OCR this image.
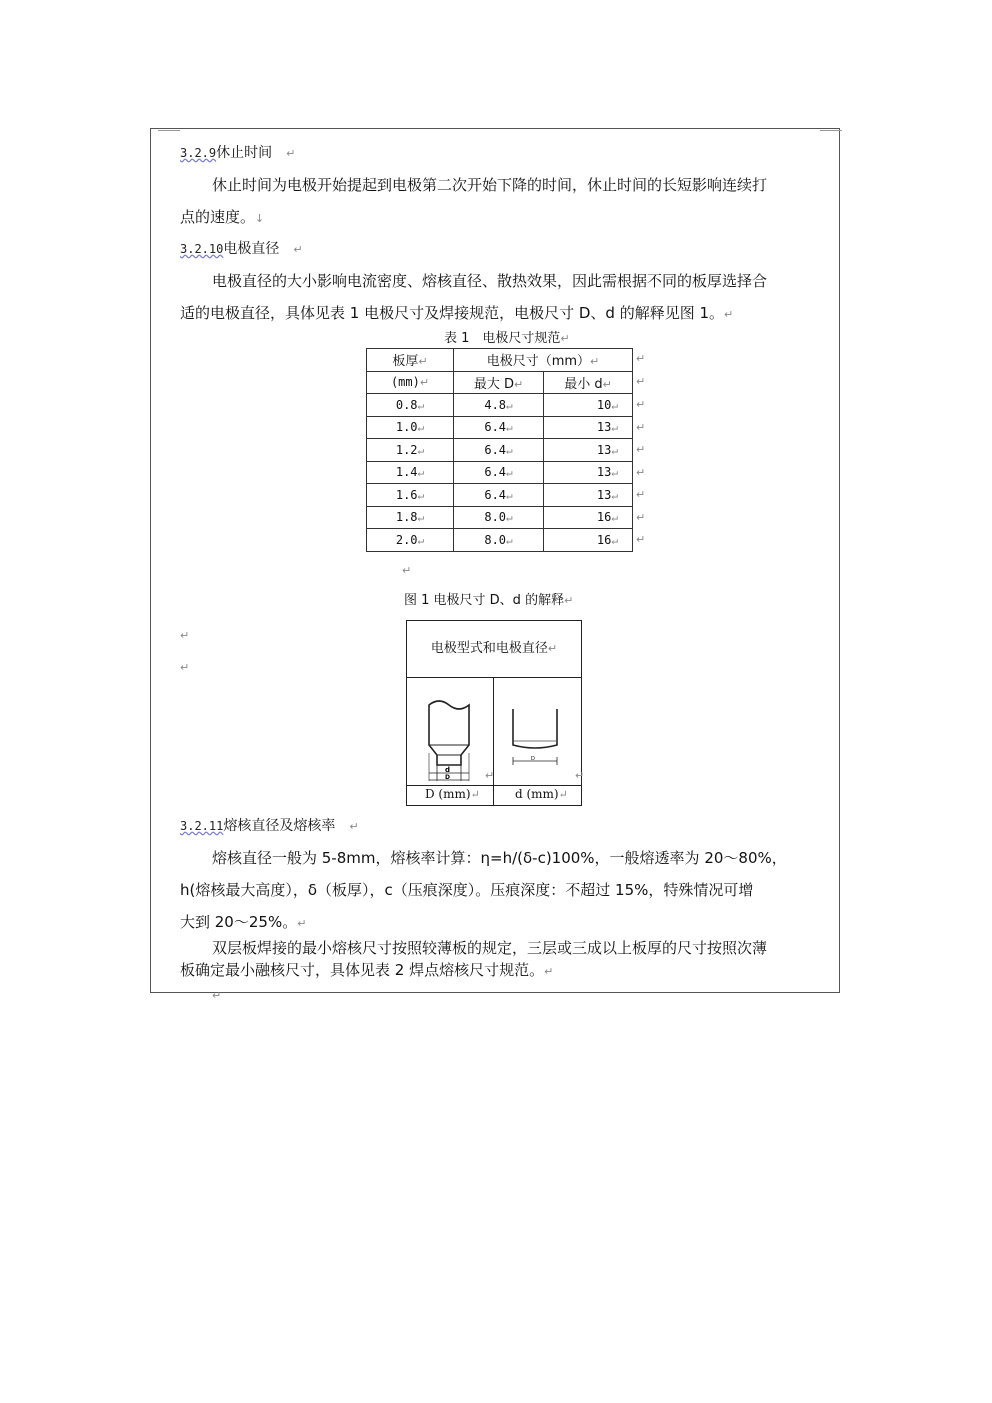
3.2.9休止时间 ↵
休止时间为电极开始提起到电极第二次开始下降的时间，休止时间的长短影响连续打
点的速度。↓
3.2.10电极直径 ↵
电极直径的大小影响电流密度、熔核直径、散热效果，因此需根据不同的板厚选择合
适的电极直径，具体见表 1 电极尺寸及焊接规范，电极尺寸 D、d 的解释见图 1。↵
表 1　电极尺寸规范↵
板厚↵	电极尺寸（mm）↵	
(mm)↵	最大 D↵	最小 d↵
0.8↵	4.8↵	10↵
1.0↵	6.4↵	13↵
1.2↵	6.4↵	13↵
1.4↵	6.4↵	13↵
1.6↵	6.4↵	13↵
1.8↵	8.0↵	16↵
2.0↵	8.0↵	16↵
↵
↵
↵
↵
↵
↵
↵
↵
↵
↵
图 1 电极尺寸 D、d 的解释↵
↵
↵
电极型式和电极直径↵
d
D
D
D (mm)↵	d (mm)↵
↵	↵
3.2.11熔核直径及熔核率 ↵
熔核直径一般为 5-8mm，熔核率计算：η=h/(δ-c)100%，一般熔透率为 20～80%，
h(熔核最大高度），δ（板厚），c（压痕深度）。压痕深度：不超过 15%，特殊情况可增
大到 20～25%。↵
双层板焊接的最小熔核尺寸按照较薄板的规定，三层或三成以上板厚的尺寸按照次薄
板确定最小融核尺寸，具体见表 2 焊点熔核尺寸规范。↵
↵
